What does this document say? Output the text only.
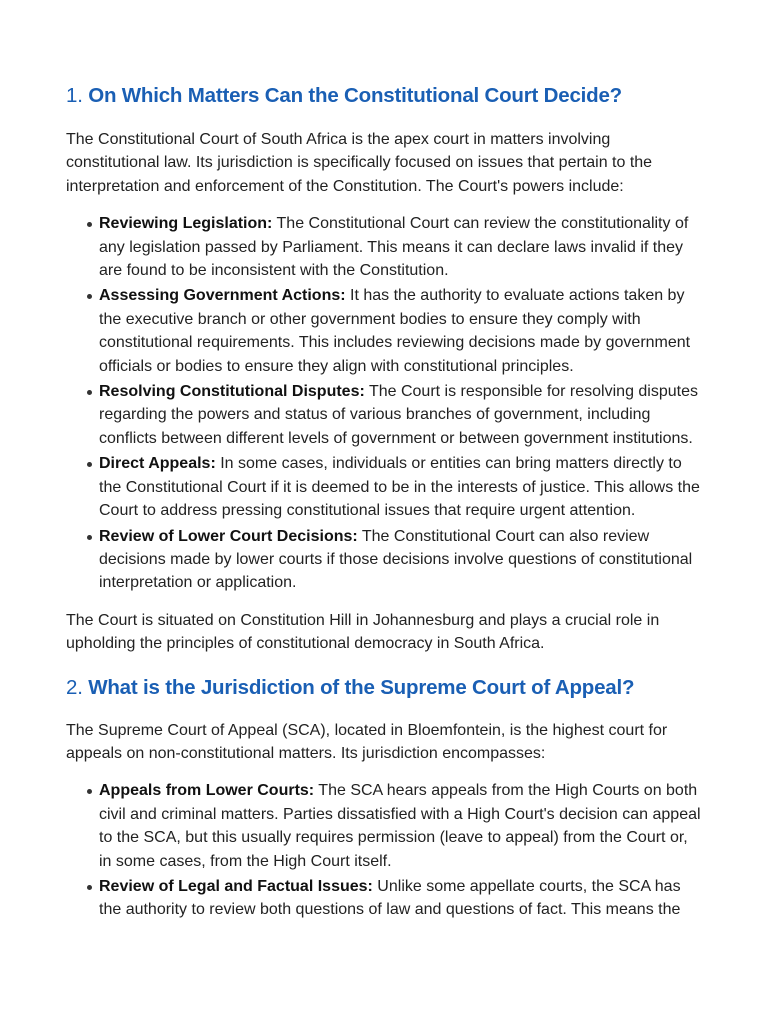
1. On Which Matters Can the Constitutional Court Decide?

The Constitutional Court of South Africa is the apex court in matters involving constitutional law. Its jurisdiction is specifically focused on issues that pertain to the interpretation and enforcement of the Constitution. The Court's powers include:

Reviewing Legislation: The Constitutional Court can review the constitutionality of any legislation passed by Parliament. This means it can declare laws invalid if they are found to be inconsistent with the Constitution.
Assessing Government Actions: It has the authority to evaluate actions taken by the executive branch or other government bodies to ensure they comply with constitutional requirements. This includes reviewing decisions made by government officials or bodies to ensure they align with constitutional principles.
Resolving Constitutional Disputes: The Court is responsible for resolving disputes regarding the powers and status of various branches of government, including conflicts between different levels of government or between government institutions.
Direct Appeals: In some cases, individuals or entities can bring matters directly to the Constitutional Court if it is deemed to be in the interests of justice. This allows the Court to address pressing constitutional issues that require urgent attention.
Review of Lower Court Decisions: The Constitutional Court can also review decisions made by lower courts if those decisions involve questions of constitutional interpretation or application.

The Court is situated on Constitution Hill in Johannesburg and plays a crucial role in upholding the principles of constitutional democracy in South Africa.

2. What is the Jurisdiction of the Supreme Court of Appeal?

The Supreme Court of Appeal (SCA), located in Bloemfontein, is the highest court for appeals on non-constitutional matters. Its jurisdiction encompasses:

Appeals from Lower Courts: The SCA hears appeals from the High Courts on both civil and criminal matters. Parties dissatisfied with a High Court's decision can appeal to the SCA, but this usually requires permission (leave to appeal) from the Court or, in some cases, from the High Court itself.
Review of Legal and Factual Issues: Unlike some appellate courts, the SCA has the authority to review both questions of law and questions of fact. This means the
